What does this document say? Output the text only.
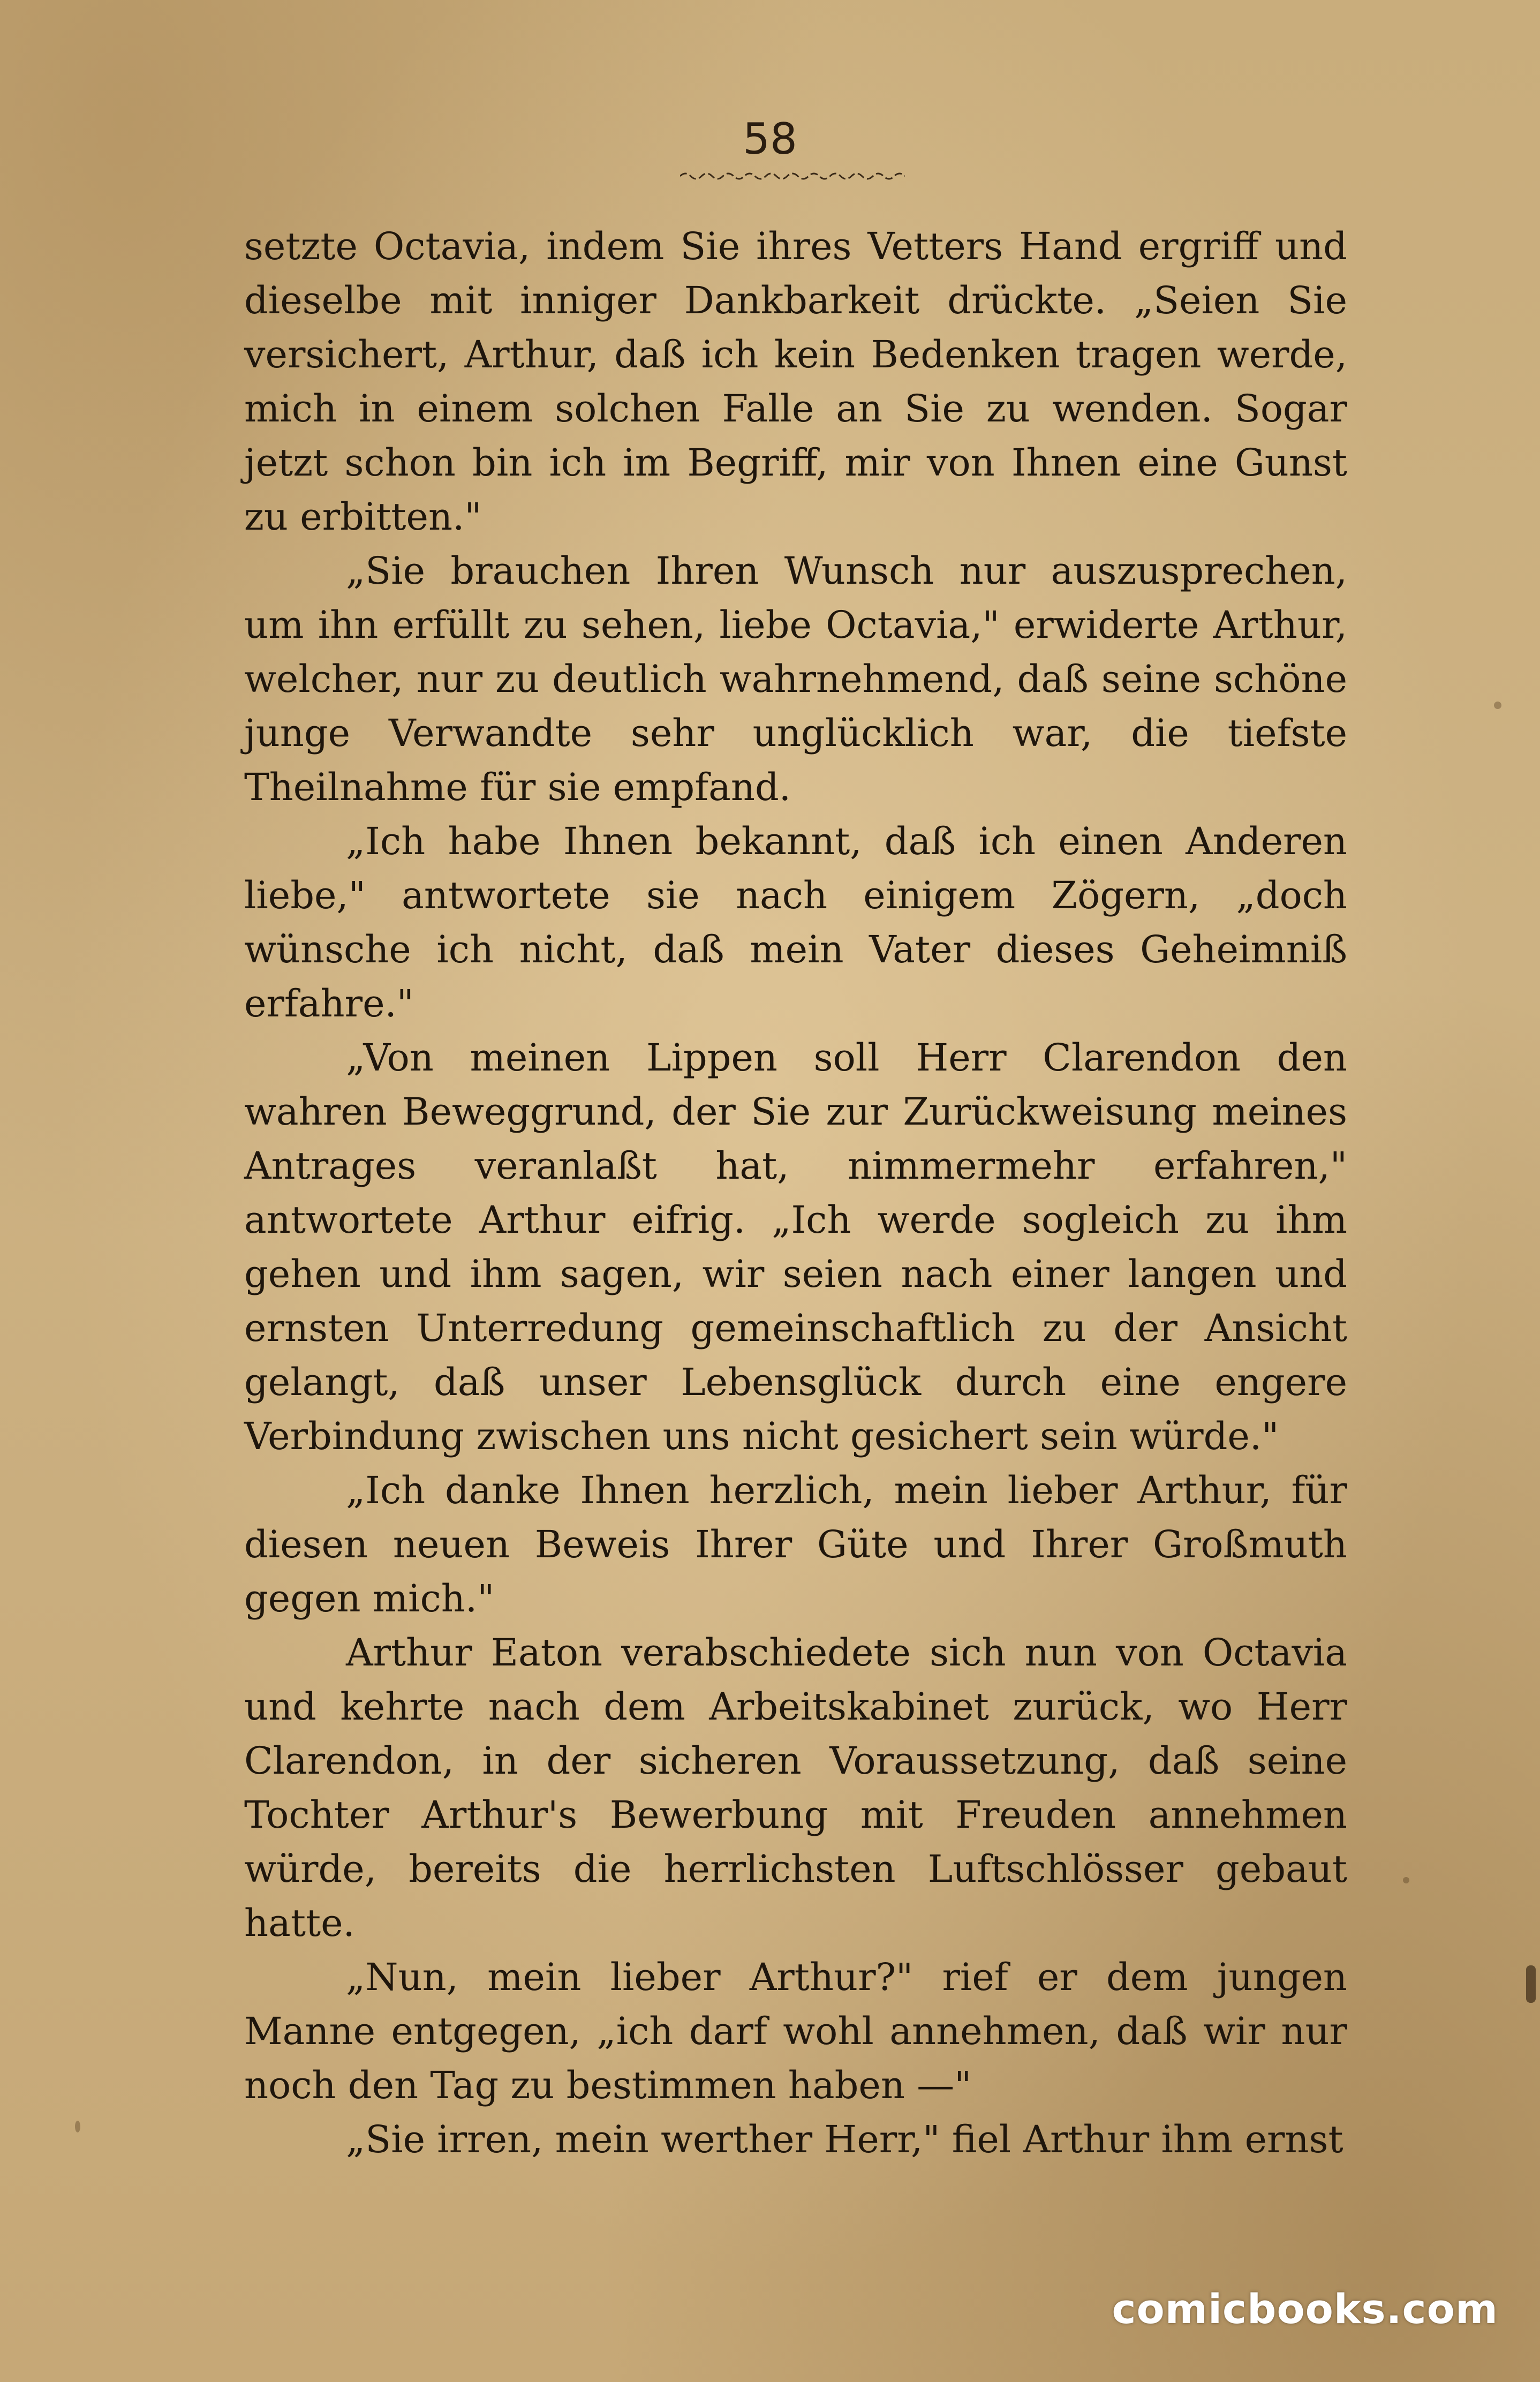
58

setzte Octavia, indem Sie ihres Vetters Hand ergriff und dieselbe mit inniger Dankbarkeit drückte. „Seien Sie versichert, Arthur, daß ich kein Bedenken tragen werde, mich in einem solchen Falle an Sie zu wenden. Sogar jetzt schon bin ich im Begriff, mir von Ihnen eine Gunst zu erbitten."

„Sie brauchen Ihren Wunsch nur auszusprechen, um ihn erfüllt zu sehen, liebe Octavia," erwiderte Arthur, welcher, nur zu deutlich wahrnehmend, daß seine schöne junge Verwandte sehr unglücklich war, die tiefste Theilnahme für sie empfand.

„Ich habe Ihnen bekannt, daß ich einen Anderen liebe," antwortete sie nach einigem Zögern, „doch wünsche ich nicht, daß mein Vater dieses Geheimniß erfahre."

„Von meinen Lippen soll Herr Clarendon den wahren Beweggrund, der Sie zur Zurückweisung meines Antrages veranlaßt hat, nimmermehr erfahren," antwortete Arthur eifrig. „Ich werde sogleich zu ihm gehen und ihm sagen, wir seien nach einer langen und ernsten Unterredung gemeinschaftlich zu der Ansicht gelangt, daß unser Lebensglück durch eine engere Verbindung zwischen uns nicht gesichert sein würde."

„Ich danke Ihnen herzlich, mein lieber Arthur, für diesen neuen Beweis Ihrer Güte und Ihrer Großmuth gegen mich."

Arthur Eaton verabschiedete sich nun von Octavia und kehrte nach dem Arbeitskabinet zurück, wo Herr Clarendon, in der sicheren Voraussetzung, daß seine Tochter Arthur's Bewerbung mit Freuden annehmen würde, bereits die herrlichsten Luftschlösser gebaut hatte.

„Nun, mein lieber Arthur?" rief er dem jungen Manne entgegen, „ich darf wohl annehmen, daß wir nur noch den Tag zu bestimmen haben —"

„Sie irren, mein werther Herr," fiel Arthur ihm ernst

comicbooks.com
